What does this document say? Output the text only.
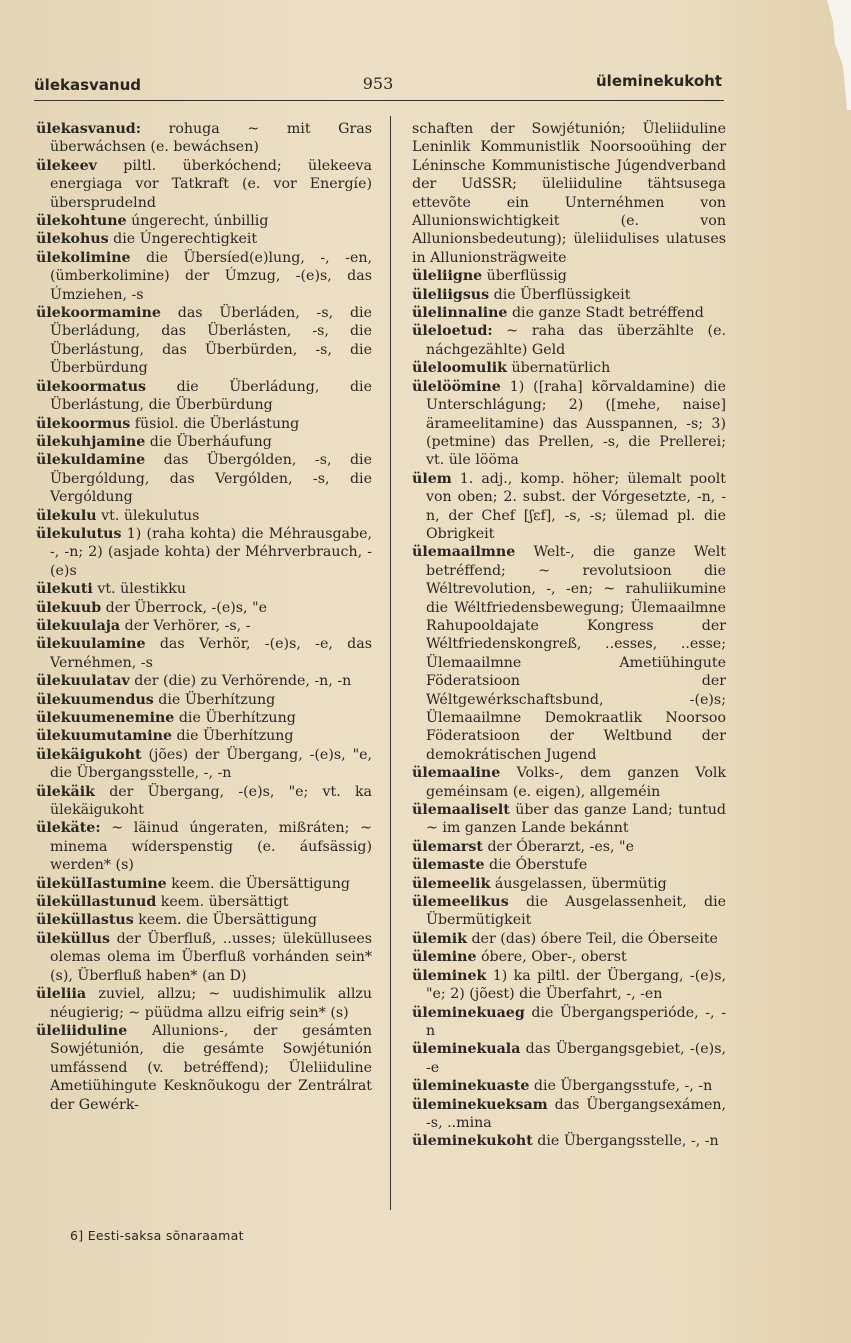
ülekasvanud	953	üleminekukoht

ülekasvanud: rohuga ~ mit Gras überwáchsen (e. bewáchsen)

ülekeev piltl. überkóchend; ülekeeva energiaga vor Tatkraft (e. vor Energíe) übersprudelnd

ülekohtune úngerecht, únbillig

ülekohus die Úngerechtigkeit

ülekolimine die Übersíed(e)lung, -, -en, (ümberkolimine) der Úmzug, -(e)s, das Úmziehen, -s

ülekoormamine das Überláden, -s, die Überládung, das Überlásten, -s, die Überlástung, das Überbürden, -s, die Überbürdung

ülekoormatus die Überládung, die Überlástung, die Überbürdung

ülekoormus füsiol. die Überlástung

ülekuhjamine die Überháufung

ülekuldamine das Übergólden, -s, die Übergóldung, das Vergólden, -s, die Vergóldung

ülekulu vt. ülekulutus

ülekulutus 1) (raha kohta) die Méhrausgabe, -, -n; 2) (asjade kohta) der Méhrverbrauch, -(e)s

ülekuti vt. ülestikku

ülekuub der Überrock, -(e)s, "e

ülekuulaja der Verhörer, -s, -

ülekuulamine das Verhör, -(e)s, -e, das Vernéhmen, -s

ülekuulatav der (die) zu Verhörende, -n, -n

ülekuumendus die Überhítzung

ülekuumenemine die Überhítzung

ülekuumutamine die Überhítzung

ülekäigukoht (jões) der Übergang, -(e)s, "e, die Übergangsstelle, -, -n

ülekäik der Übergang, -(e)s, "e; vt. ka ülekäigukoht

ülekäte: ~ läinud úngeraten, mißráten; ~ minema wíderspenstig (e. áufsässig) werden* (s)

ülekülIastumine keem. die Übersättigung

üleküllastunud keem. übersättigt

üleküllastus keem. die Übersättigung

üleküllus der Überfluß, ..usses; üleküllusees olemas olema im Überfluß vorhánden sein* (s), Überfluß haben* (an D)

üleliia zuviel, allzu; ~ uudishimulik allzu néugierig; ~ püüdma allzu eifrig sein* (s)

üleliiduline Allunions-, der gesámten Sowjétunión, die gesámte Sowjétunión umfássend (v. betréffend); Üleliiduline Ametiühingute Kesknõukogu der Zentrálrat der Gewérk-

schaften der Sowjétunión; Üleliiduline Leninlik Kommunistlik Noorsooühing der Léninsche Kommunistische Júgendverband der UdSSR; üleliiduline tähtsusega ettevõte ein Unternéhmen von Allunionswichtigkeit (e. von Allunionsbedeutung); üleliidulises ulatuses in Allunionsträgweite

üleliigne überflüssig

üleliigsus die Überflüssigkeit

ülelinnaline die ganze Stadt betréffend

üleloetud: ~ raha das überzählte (e. náchgezählte) Geld

üleloomulik übernatürlich

ülelöömine 1) ([raha] kõrvaldamine) die Unterschlágung; 2) ([mehe, naise] ärameelitamine) das Ausspannen, -s; 3) (petmine) das Prellen, -s, die Prellerei; vt. üle lööma

ülem 1. adj., komp. höher; ülemalt poolt von oben; 2. subst. der Vórgesetzte, -n, -n, der Chef [ʃεf], -s, -s; ülemad pl. die Obrigkeit

ülemaailmne Welt-, die ganze Welt betréffend; ~ revolutsioon die Wéltrevolution, -, -en; ~ rahuliikumine die Wéltfriedensbewegung; Ülemaailmne Rahupooldajate Kongress der Wéltfriedenskongreß, ..esses, ..esse; Ülemaailmne Ametiühingute Föderatsioon der Wéltgewérkschaftsbund, -(e)s; Ülemaailmne Demokraatlik Noorsoo Föderatsioon der Weltbund der demokrátischen Jugend

ülemaaline Volks-, dem ganzen Volk geméinsam (e. eigen), allgeméin

ülemaaliselt über das ganze Land; tuntud ~ im ganzen Lande bekánnt

ülemarst der Óberarzt, -es, "e

ülemaste die Óberstufe

ülemeelik áusgelassen, übermütig

ülemeelikus die Ausgelassenheit, die Übermütigkeit

ülemik der (das) óbere Teil, die Óberseite

ülemine óbere, Ober-, oberst

üleminek 1) ka piltl. der Übergang, -(e)s, "e; 2) (jõest) die Überfahrt, -, -en

üleminekuaeg die Übergangsperióde, -, -n

üleminekuala das Übergangsgebiet, -(e)s, -e

üleminekuaste die Übergangsstufe, -, -n

üleminekueksam das Übergangsexámen, -s, ..mina

üleminekukoht die Übergangsstelle, -, -n

6] Eesti-saksa sõnaraamat
